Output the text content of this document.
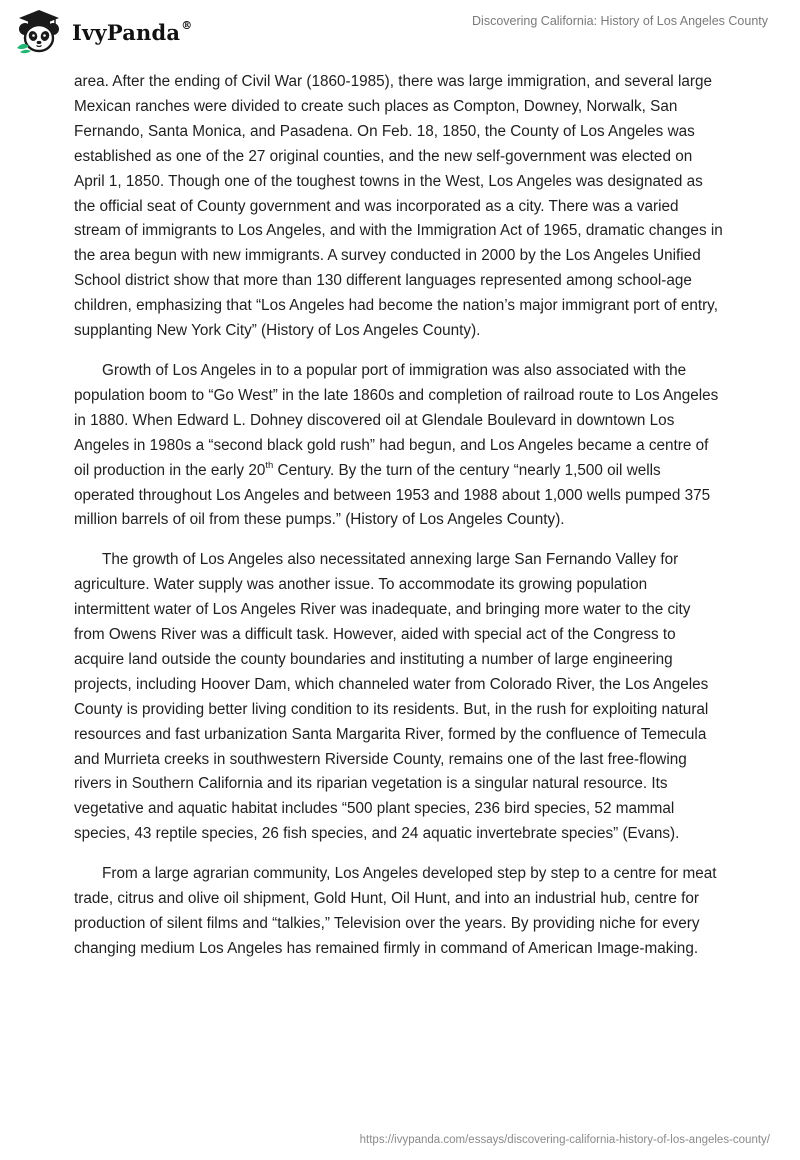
IvyPanda®	Discovering California: History of Los Angeles County

area. After the ending of Civil War (1860-1985), there was large immigration, and several large Mexican ranches were divided to create such places as Compton, Downey, Norwalk, San Fernando, Santa Monica, and Pasadena. On Feb. 18, 1850, the County of Los Angeles was established as one of the 27 original counties, and the new self-government was elected on April 1, 1850. Though one of the toughest towns in the West, Los Angeles was designated as the official seat of County government and was incorporated as a city. There was a varied stream of immigrants to Los Angeles, and with the Immigration Act of 1965, dramatic changes in the area begun with new immigrants. A survey conducted in 2000 by the Los Angeles Unified School district show that more than 130 different languages represented among school-age children, emphasizing that “Los Angeles had become the nation’s major immigrant port of entry, supplanting New York City” (History of Los Angeles County).

Growth of Los Angeles in to a popular port of immigration was also associated with the population boom to “Go West” in the late 1860s and completion of railroad route to Los Angeles in 1880. When Edward L. Dohney discovered oil at Glendale Boulevard in downtown Los Angeles in 1980s a “second black gold rush” had begun, and Los Angeles became a centre of oil production in the early 20th Century. By the turn of the century “nearly 1,500 oil wells operated throughout Los Angeles and between 1953 and 1988 about 1,000 wells pumped 375 million barrels of oil from these pumps.” (History of Los Angeles County).

The growth of Los Angeles also necessitated annexing large San Fernando Valley for agriculture. Water supply was another issue. To accommodate its growing population intermittent water of Los Angeles River was inadequate, and bringing more water to the city from Owens River was a difficult task. However, aided with special act of the Congress to acquire land outside the county boundaries and instituting a number of large engineering projects, including Hoover Dam, which channeled water from Colorado River, the Los Angeles County is providing better living condition to its residents. But, in the rush for exploiting natural resources and fast urbanization Santa Margarita River, formed by the confluence of Temecula and Murrieta creeks in southwestern Riverside County, remains one of the last free-flowing rivers in Southern California and its riparian vegetation is a singular natural resource. Its vegetative and aquatic habitat includes “500 plant species, 236 bird species, 52 mammal species, 43 reptile species, 26 fish species, and 24 aquatic invertebrate species” (Evans).

From a large agrarian community, Los Angeles developed step by step to a centre for meat trade, citrus and olive oil shipment, Gold Hunt, Oil Hunt, and into an industrial hub, centre for production of silent films and “talkies,” Television over the years. By providing niche for every changing medium Los Angeles has remained firmly in command of American Image-making.

https://ivypanda.com/essays/discovering-california-history-of-los-angeles-county/
